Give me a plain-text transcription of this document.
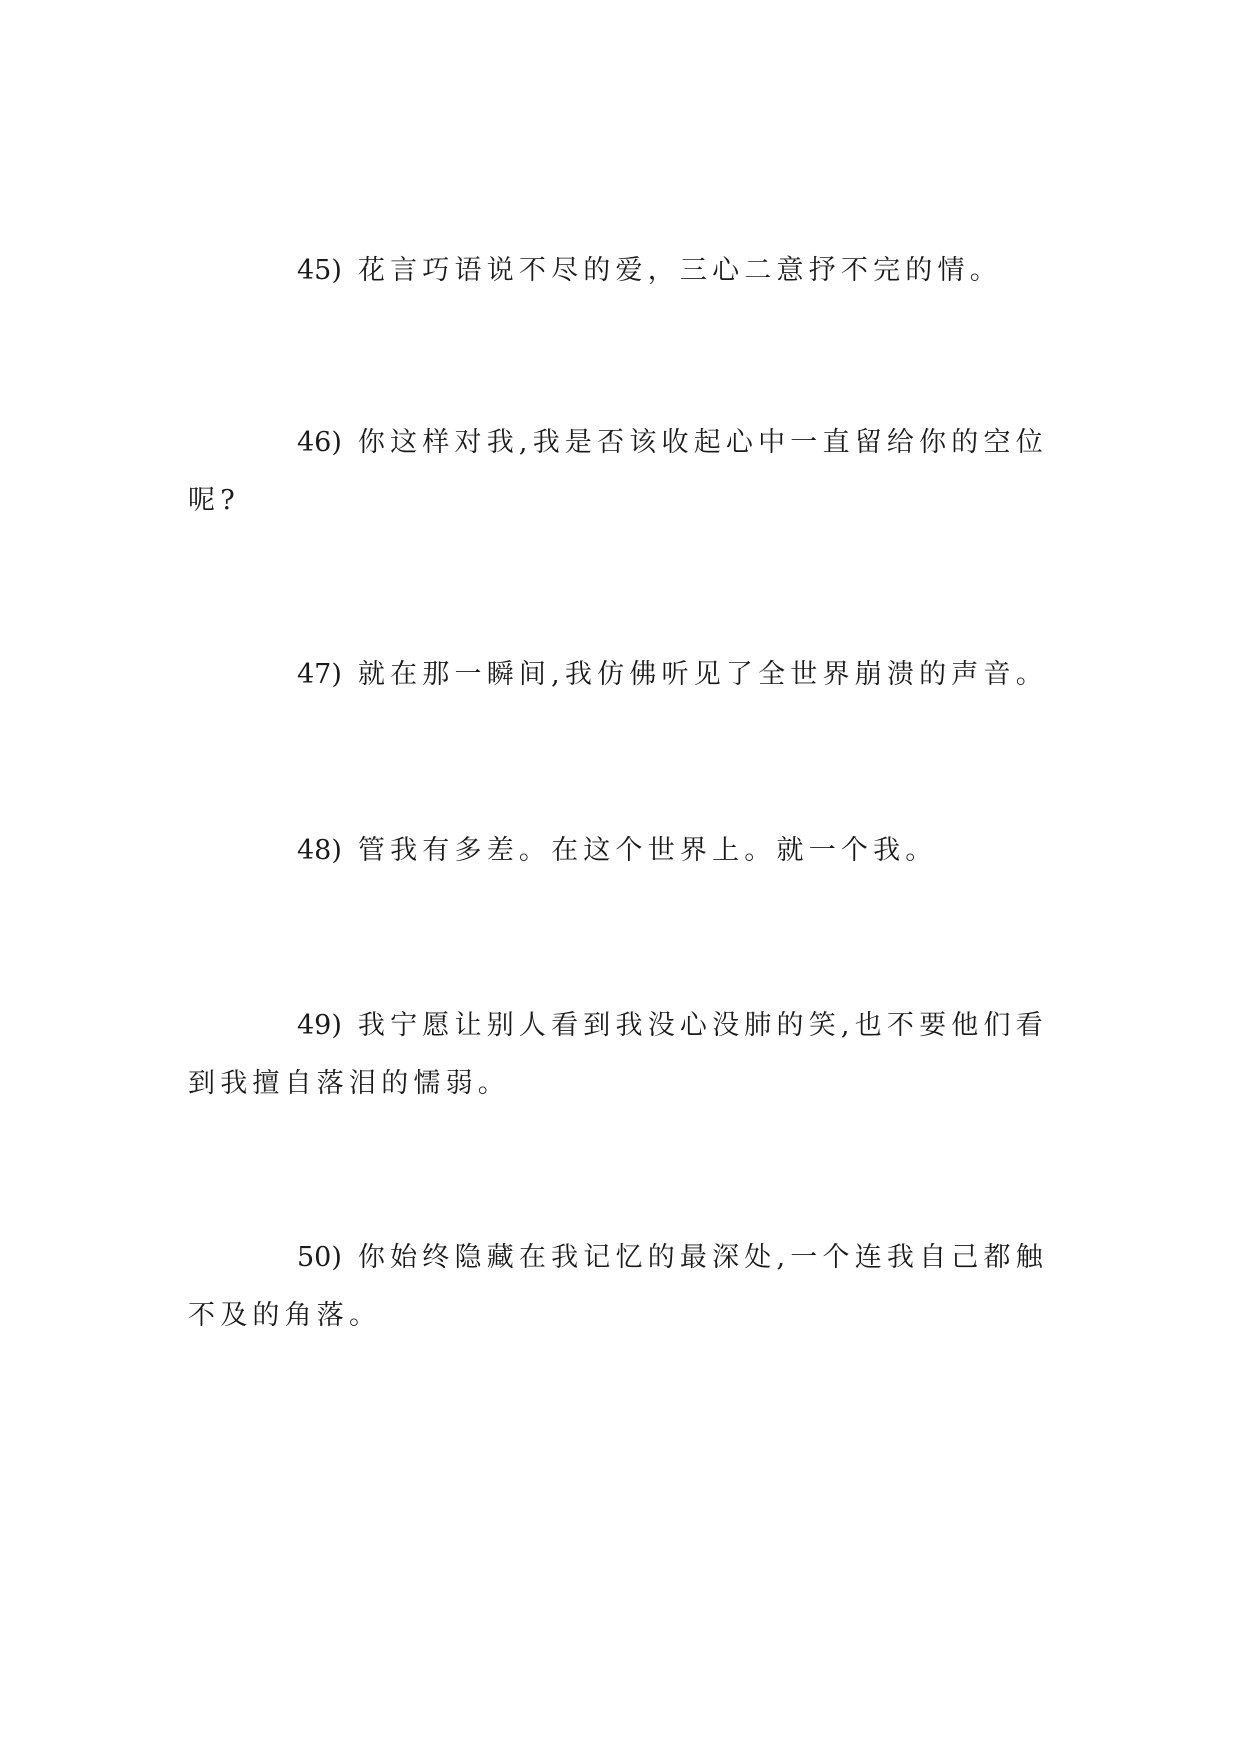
45) 花言巧语说不尽的爱，三心二意抒不完的情。

46) 你这样对我,我是否该收起心中一直留给你的空位呢?

47) 就在那一瞬间,我仿佛听见了全世界崩溃的声音。

48) 管我有多差。在这个世界上。就一个我。

49) 我宁愿让别人看到我没心没肺的笑,也不要他们看到我擅自落泪的懦弱。

50) 你始终隐藏在我记忆的最深处,一个连我自己都触不及的角落。
